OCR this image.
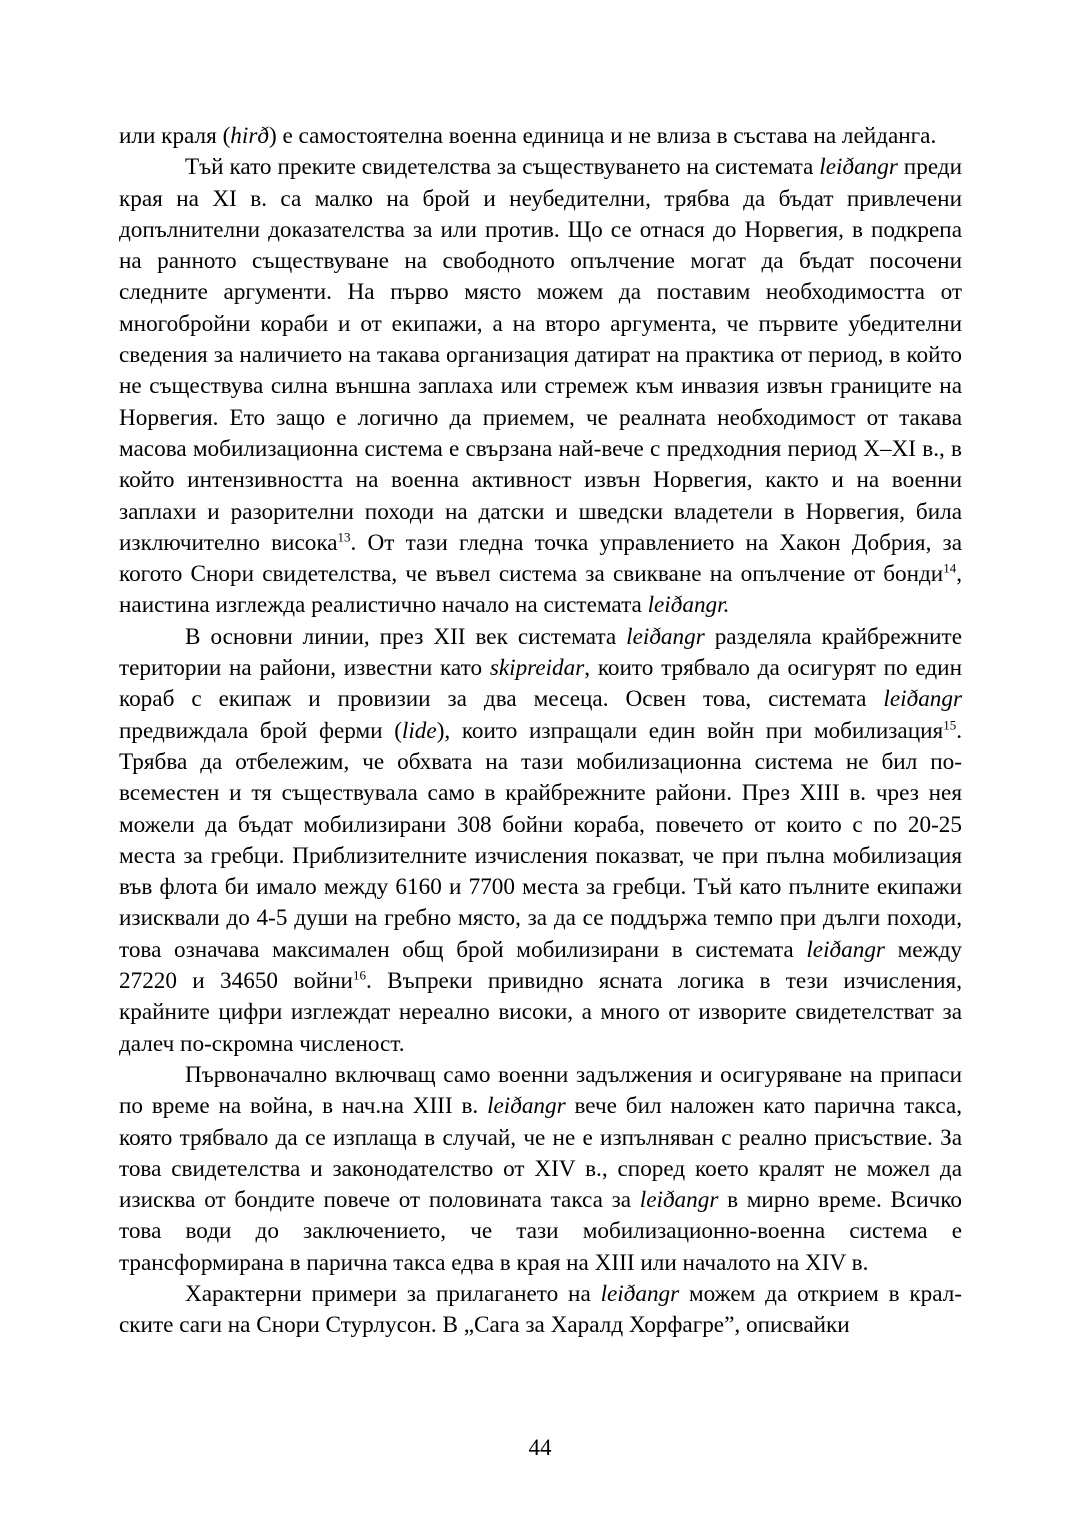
или краля (hirð) е самостоятелна военна единица и не влиза в състава на лейданга.

Тъй като преките свидетелства за съществуването на системата leiðangr преди края на XI в. са малко на брой и неубедителни, трябва да бъдат привлечени допълнителни доказателства за или против. Що се отнася до Норвегия, в подкрепа на ранното съществуване на свободното опълчение могат да бъдат посочени следните аргументи. На първо място можем да поставим необходимостта от многобройни кораби и от екипажи, а на второ аргумента, че първите убедителни сведения за наличието на такава организация датират на практика от период, в който не съществува силна външна заплаха или стремеж към инвазия извън границите на Норвегия. Ето защо е логично да приемем, че реалната необходимост от такава масова мобилизационна система е свързана най-вече с предходния период X–XI в., в който интензивността на военна активност извън Норвегия, както и на военни заплахи и разорителни походи на датски и шведски владетели в Норвегия, била изключително висока$^{13}$. От тази гледна точка управлението на Хакон Добрия, за когото Снори свидетелства, че въвел система за свикване на опълчение от бонди$^{14}$, наистина изглежда реалистично начало на системата leiðangr.

В основни линии, през XII век системата leiðangr разделяла крайбрежните територии на райони, известни като skipreidar, които трябвало да осигурят по един кораб с екипаж и провизии за два месеца. Освен това, системата leiðangr предвиждала брой ферми (lide), които изпращали един войн при мобилизация$^{15}$. Трябва да отбележим, че обхвата на тази мобилизационна система не бил повсеместен и тя съществувала само в крайбрежните райони. През XIII в. чрез нея можели да бъдат мобилизирани 308 бойни кораба, повечето от които с по 20-25 места за гребци. Приблизителните изчисления показват, че при пълна мобилизация във флота би имало между 6160 и 7700 места за гребци. Тъй като пълните екипажи изисквали до 4-5 души на гребно място, за да се поддържа темпо при дълги походи, това означава максимален общ брой мобилизирани в системата leiðangr между 27220 и 34650 войни$^{16}$. Въпреки привидно ясната логика в тези изчисления, крайните цифри изглеждат нереално високи, а много от изворите свидетелстват за далеч по-скромна численост.

Първоначално включващ само военни задължения и осигуряване на припаси по време на война, в нач.на XIII в. leiðangr вече бил наложен като парична такса, която трябвало да се изплаща в случай, че не е изпълняван с реално присъствие. За това свидетелства и законодателство от XIV в., според което кралят не можел да изисква от бондите повече от половината такса за leiðangr в мирно време. Всичко това води до заключението, че тази мобилизационно-военна система е трансформирана в парична такса едва в края на XIII или началото на XIV в.

Характерни примери за прилагането на leiðangr можем да открием в кралските саги на Снори Стурлусон. В „Сага за Харалд Хорфагре”, описвайки

44
